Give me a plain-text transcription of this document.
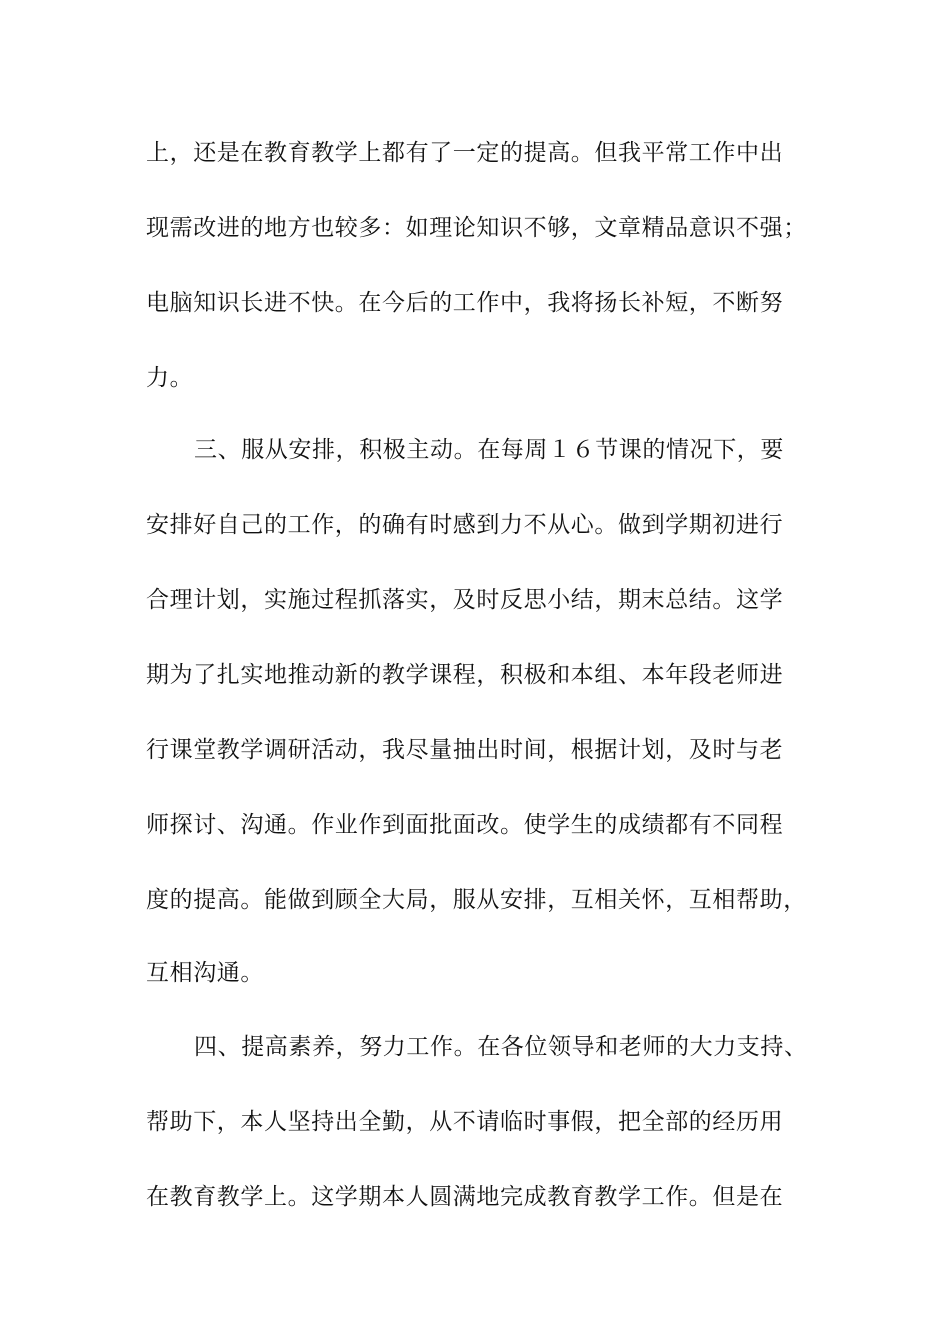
上，还是在教育教学上都有了一定的提高。但我平常工作中出
现需改进的地方也较多：如理论知识不够，文章精品意识不强；
电脑知识长进不快。在今后的工作中，我将扬长补短，不断努
力。
三、服从安排，积极主动。在每周１６节课的情况下，要
安排好自己的工作，的确有时感到力不从心。做到学期初进行
合理计划，实施过程抓落实，及时反思小结，期末总结。这学
期为了扎实地推动新的教学课程，积极和本组、本年段老师进
行课堂教学调研活动，我尽量抽出时间，根据计划，及时与老
师探讨、沟通。作业作到面批面改。使学生的成绩都有不同程
度的提高。能做到顾全大局，服从安排，互相关怀，互相帮助，
互相沟通。
四、提高素养，努力工作。在各位领导和老师的大力支持、
帮助下，本人坚持出全勤，从不请临时事假，把全部的经历用
在教育教学上。这学期本人圆满地完成教育教学工作。但是在
